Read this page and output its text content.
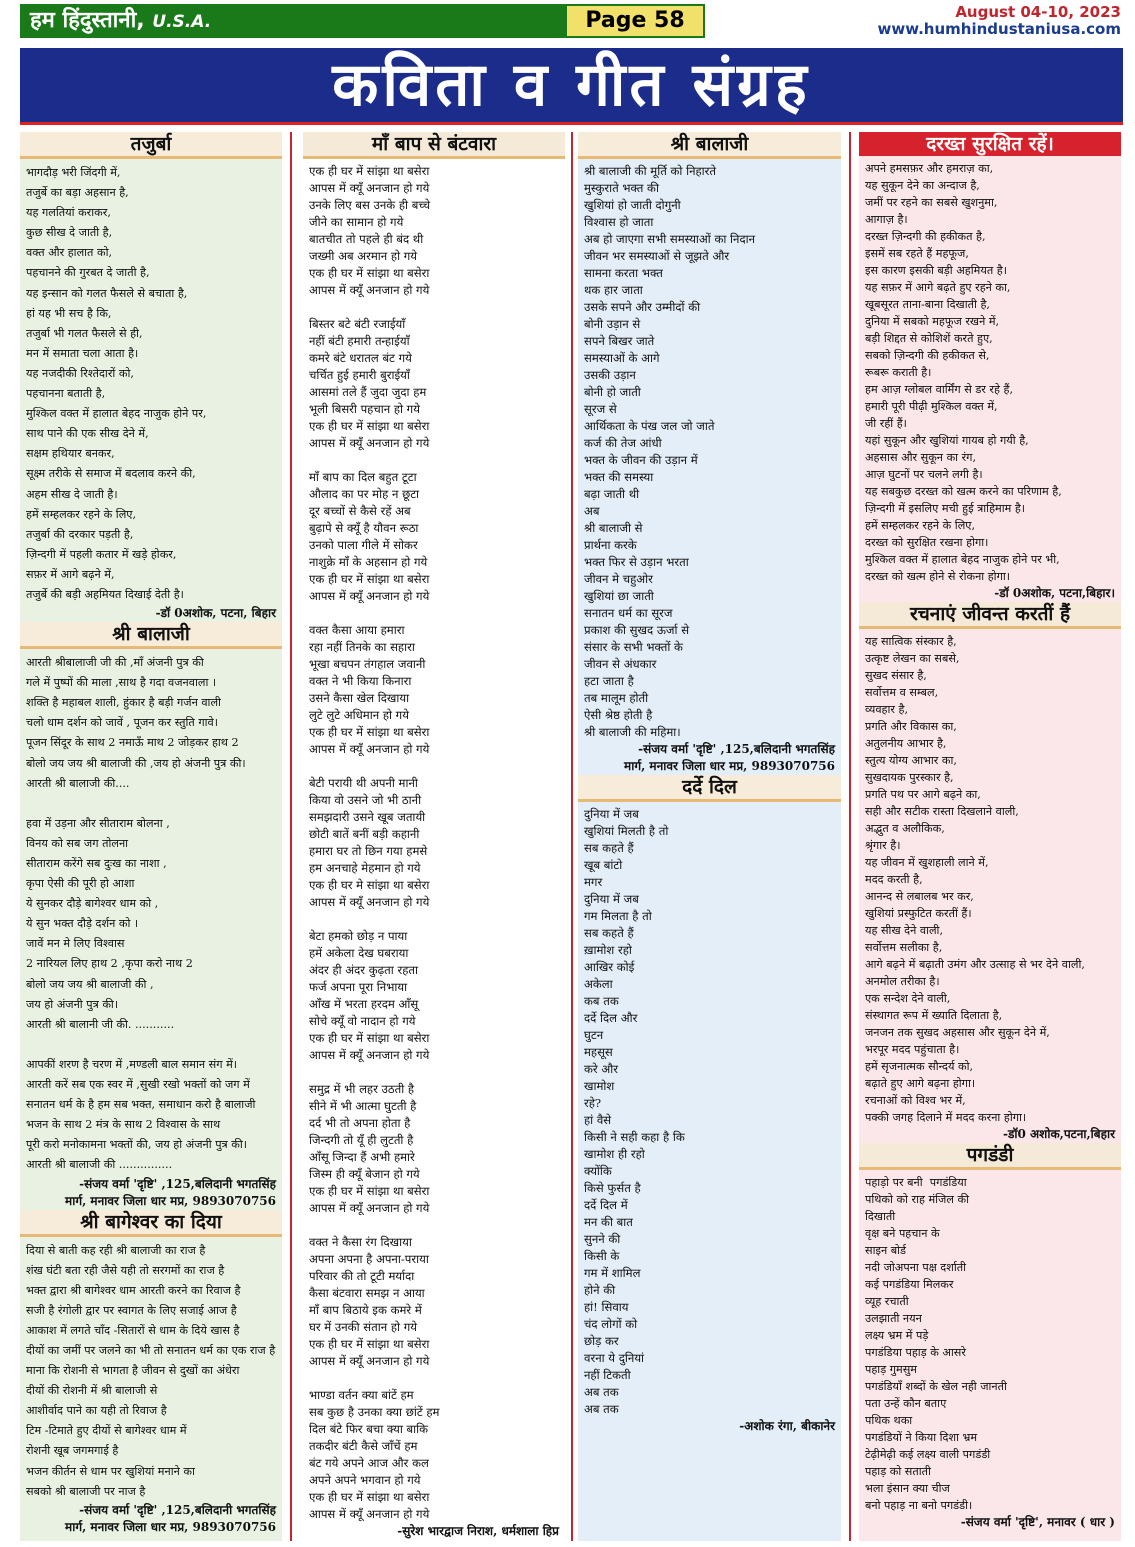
हम हिंदुस्तानी, U.S.A.	Page 58	August 04-10, 2023
www.humhindustaniusa.com
कविता व गीत संग्रह
तजुर्बा
भागदौड़ भरी जिंदगी में,
तजुर्बे का बड़ा अहसान है,
यह गलतियां कराकर,
कुछ सीख दे जाती है,
वक्त और हालात को,
पहचानने की गुरबत दे जाती है,
यह इन्सान को गलत फैसले से बचाता है,
हां यह भी सच है कि,
तजुर्बा भी गलत फैसले से ही,
मन में समाता चला आता है।
यह नजदीकी रिश्तेदारों को,
पहचानना बताती है,
मुश्किल वक्त में हालात बेहद नाजुक होने पर,
साथ पाने की एक सीख देने में,
सक्षम हथियार बनकर,
सूक्ष्म तरीके से समाज में बदलाव करने की,
अहम सीख दे जाती है।
हमें सम्हलकर रहने के लिए,
तजुर्बा की दरकार पड़ती है,
ज़िन्दगी में पहली कतार में खड़े होकर,
सफ़र में आगे बढ़ने में,
तजुर्बे की बड़ी अहमियत दिखाई देती है।
-डॉ 0अशोक, पटना, बिहार
श्री बालाजी
आरती श्रीबालाजी जी की ,माँ अंजनी पुत्र की
गले में पुष्पों की माला ,साथ है गदा वजनवाला ।
शक्ति है महाबल शाली, हुंकार है बड़ी गर्जन वाली
चलो धाम दर्शन को जावें , पूजन कर स्तुति गावे।
पूजन सिंदूर के साथ 2 नमाऊँ माथ 2 जोड़कर हाथ 2
बोलो जय जय श्री बालाजी की ,जय हो अंजनी पुत्र की।
आरती श्री बालाजी की....

हवा में उड़ना और सीताराम बोलना ,
विनय को सब जग तोलना
सीताराम करेंगे सब दुःख का नाशा ,
कृपा ऐसी की पूरी हो आशा
ये सुनकर दौड़े बागेश्वर धाम को ,
ये सुन भक्त दौड़े दर्शन को ।
जावें मन मे लिए विश्वास
2 नारियल लिए हाथ 2 ,कृपा करो नाथ 2
बोलो जय जय श्री बालाजी की ,
जय हो अंजनी पुत्र की।
आरती श्री बालानी जी की. ...........

आपकीं शरण है चरण में ,मण्डली बाल समान संग में।
आरती करें सब एक स्वर में ,सुखी रखो भक्तों को जग में
सनातन धर्म के है हम सब भक्त, समाधान करो है बालाजी
भजन के साथ 2 मंत्र के साथ 2 विश्वास के साथ
पूरी करो मनोकामना भक्तों की, जय हो अंजनी पुत्र की।
आरती श्री बालाजी की ...............
-संजय वर्मा 'दृष्टि' ,125,बलिदानी भगतसिंह
मार्ग, मनावर जिला धार मप्र, 9893070756
श्री बागेश्वर का दिया
दिया से बाती कह रही श्री बालाजी का राज है
शंख घंटी बता रही जैसे यही तो सरगमों का राज है
भक्त द्वारा श्री बागेश्वर धाम आरती करने का रिवाज है
सजी है रंगोली द्वार पर स्वागत के लिए सजाई आज है
आकाश में लगते चाँद -सितारों से धाम के दिये खास है
दीयों का जमीं पर जलने का भी तो सनातन धर्म का एक राज है
माना कि रोशनी से भागता है जीवन से दुखों का अंधेरा
दीयों की रोशनी में श्री बालाजी से
आशीर्वाद पाने का यही तो रिवाज है
टिम -टिमाते हुए दीयों से बागेश्वर धाम में
रोशनी खूब जगमगाई है
भजन कीर्तन से धाम पर खुशियां मनाने का
सबको श्री बालाजी पर नाज है
-संजय वर्मा 'दृष्टि' ,125,बलिदानी भगतसिंह
मार्ग, मनावर जिला धार मप्र, 9893070756
माँ बाप से बंटवारा
एक ही घर में सांझा था बसेरा
आपस में क्यूँ अनजान हो गये
उनके लिए बस उनके ही बच्चे
जीने का सामान हो गये
बातचीत तो पहले ही बंद थी
जख्मी अब अरमान हो गये
एक ही घर में सांझा था बसेरा
आपस में क्यूँ अनजान हो गये

बिस्तर बटे बंटी रजाईयाँ
नहीं बंटी हमारी तन्हाईयाँ
कमरे बंटे धरातल बंट गये
चर्चित हुई हमारी बुराईयाँ
आसमां तले हैं जुदा जुदा हम
भूली बिसरी पहचान हो गये
एक ही घर में सांझा था बसेरा
आपस में क्यूँ अनजान हो गये

माँ बाप का दिल बहुत टूटा
औलाद का पर मोह न छूटा
दूर बच्चों से कैसे रहें अब
बुढ़ापे से क्यूँ है यौवन रूठा
उनको पाला गीले में सोकर
नाशुक्रे माँ के अहसान हो गये
एक ही घर में सांझा था बसेरा
आपस में क्यूँ अनजान हो गये

वक्त कैसा आया हमारा
रहा नहीं तिनके का सहारा
भूखा बचपन तंगहाल जवानी
वक्त ने भी किया किनारा
उसने कैसा खेल दिखाया
लुटे लुटे अधिमान हो गये
एक ही घर में सांझा था बसेरा
आपस में क्यूँ अनजान हो गये

बेटी परायी थी अपनी मानी
किया वो उसने जो भी ठानी
समझदारी उसने खूब जतायी
छोटी बातें बनीं बड़ी कहानी
हमारा घर तो छिन गया हमसे
हम अनचाहे मेहमान हो गये
एक ही घर मे सांझा था बसेरा
आपस में क्यूँ अनजान हो गये

बेटा हमको छोड़ न पाया
हमें अकेला देख घबराया
अंदर ही अंदर कुढ़ता रहता
फर्ज अपना पूरा निभाया
आँख में भरता हरदम आँसू
सोचे क्यूँ वो नादान हो गये
एक ही घर में सांझा था बसेरा
आपस में क्यूँ अनजान हो गये

समुद्र में भी लहर उठती है
सीने में भी आत्मा घुटती है
दर्द भी तो अपना होता है
जिन्दगी तो यूँ ही लुटती है
आँसू जिन्दा हैं अभी हमारे
जिस्म ही क्यूँ बेजान हो गये
एक ही घर में सांझा था बसेरा
आपस में क्यूँ अनजान हो गये

वक्त ने कैसा रंग दिखाया
अपना अपना है अपना-पराया
परिवार की तो टूटी मर्यादा
कैसा बंटवारा समझ न आया
माँ बाप बिठाये इक कमरे में
घर में उनकी संतान हो गये
एक ही घर में सांझा था बसेरा
आपस में क्यूँ अनजान हो गये

भाण्डा वर्तन क्या बांटें हम
सब कुछ है उनका क्या छांटें हम
दिल बंटे फिर बचा क्या बाकि
तकदीर बंटी कैसे जाँचें हम
बंट गये अपने आज और कल
अपने अपने भगवान हो गये
एक ही घर में सांझा था बसेरा
आपस में क्यूँ अनजान हो गये
-सुरेश भारद्वाज निराश, धर्मशाला हिप्र
श्री बालाजी
श्री बालाजी की मूर्ति को निहारते
मुस्कुराते भक्त की
खुशियां हो जाती दोगुनी
विश्वास हो जाता
अब हो जाएगा सभी समस्याओं का निदान
जीवन भर समस्याओं से जूझते और
सामना करता भक्त
थक हार जाता
उसके सपने और उम्मीदों की
बोनी उड़ान से
सपने बिखर जाते
समस्याओं के आगे
उसकी उड़ान
बोनी हो जाती
सूरज से
आर्थिकता के पंख जल जो जाते
कर्ज की तेज आंधी
भक्त के जीवन की उड़ान में
भक्त की समस्या
बढ़ा जाती थी
अब
श्री बालाजी से
प्रार्थना करके
भक्त फिर से उड़ान भरता
जीवन मे चहुओर
खुशियां छा जाती
सनातन धर्म का सूरज
प्रकाश की सुखद ऊर्जा से
संसार के सभी भक्तों के
जीवन से अंधकार
हटा जाता है
तब मालूम होती
ऐसी श्रेष्ठ होती है
श्री बालाजी की महिमा।
-संजय वर्मा 'दृष्टि' ,125,बलिदानी भगतसिंह
मार्ग, मनावर जिला धार मप्र, 9893070756
दर्दे दिल
दुनिया में जब
खुशियां मिलती है तो
सब कहते हैं
खूब बांटो
मगर
दुनिया में जब
गम मिलता है तो
सब कहते हैं
ख़ामोश रहो
आखिर कोई
अकेला
कब तक
दर्दे दिल और
घुटन
महसूस
करे और
खामोश
रहे?
हां वैसे
किसी ने सही कहा है कि
खामोश ही रहो
क्योंकि
किसे फुर्सत है
दर्दे दिल में
मन की बात
सुनने की
किसी के
गम में शामिल
होने की
हां! सिवाय
चंद लोगों को
छोड़ कर
वरना ये दुनियां
नहीं टिकती
अब तक
अब तक
-अशोक रंगा, बीकानेर
दरख्त सुरक्षित रहें।
अपने हमसफ़र और हमराज़ का,
यह सुकून देने का अन्दाज है,
जमीं पर रहने का सबसे खुशनुमा,
आगाज़ है।
दरख्त ज़िन्दगी की हकीकत है,
इसमें सब रहते हैं महफूज,
इस कारण इसकी बड़ी अहमियत है।
यह सफ़र में आगे बढ़ते हुए रहने का,
खूबसूरत ताना-बाना दिखाती है,
दुनिया में सबको महफूज रखने में,
बड़ी शिद्दत से कोशिशें करते हुए,
सबको ज़िन्दगी की हकीकत से,
रूबरू कराती है।
हम आज़ ग्लोबल वार्मिंग से डर रहे हैं,
हमारी पूरी पीढ़ी मुश्किल वक्त में,
जी रहीं हैं।
यहां सुकून और खुशियां गायब हो गयी है,
अहसास और सुकून का रंग,
आज़ घुटनों पर चलने लगी है।
यह सबकुछ दरख्त को खत्म करने का परिणाम है,
ज़िन्दगी में इसलिए मची हुई त्राहिमाम है।
हमें सम्हलकर रहने के लिए,
दरख्त को सुरक्षित रखना होगा।
मुश्किल वक्त में हालात बेहद नाजुक होने पर भी,
दरख्त को खत्म होने से रोकना होगा।
-डॉ 0अशोक, पटना,बिहार।
रचनाएं जीवन्त करतीं हैं
यह सात्विक संस्कार है,
उत्कृष्ट लेखन का सबसे,
सुखद संसार है,
सर्वोत्तम व सम्बल,
व्यवहार है,
प्रगति और विकास का,
अतुलनीय आभार है,
स्तुत्य योग्य आभार का,
सुखदायक पुरस्कार है,
प्रगति पथ पर आगे बढ़ने का,
सही और सटीक रास्ता दिखलाने वाली,
अद्भुत व अलौकिक,
श्रृंगार है।
यह जीवन में खुशहाली लाने में,
मदद करती है,
आनन्द से लबालब भर कर,
खुशियां प्रस्फुटित करतीं हैं।
यह सीख देने वाली,
सर्वोत्तम सलीका है,
आगे बढ़ने में बढ़ाती उमंग और उत्साह से भर देने वाली,
अनमोल तरीका है।
एक सन्देश देने वाली,
संस्थागत रूप में ख्याति दिलाता है,
जनजन तक सुखद अहसास और सुकून देने में,
भरपूर मदद पहुंचाता है।
हमें सृजनात्मक सौन्दर्य को,
बढ़ाते हुए आगे बढ़ना होगा।
रचनाओं को विश्व भर में,
पक्की जगह दिलाने में मदद करना होगा।
-डॉ0 अशोक,पटना,बिहार
पगडंडी
पहाड़ो पर बनी  पगडंडिया
पथिको को राह मंजिल की
दिखाती
वृक्ष बने पहचान के
साइन बोर्ड
नदी जोअपना पक्ष दर्शाती
कई पगडंडिया मिलकर
व्यूह रचाती
उलझाती नयन
लक्ष्य भ्रम में पड़े
पगडंडिया पहाड़ के आसरे
पहाड़ गुमसुम
पगडंडियाँ शब्दों के खेल नही जानती
पता उन्हें कौन बताए
पथिक थका
पगडंडियों ने किया दिशा भ्रम
टेढ़ीमेढ़ी कई लक्ष्य वाली पगडंडी
पहाड़ को सताती
भला इंसान क्या चीज
बनो पहाड़ ना बनो पगडंडी।
-संजय वर्मा 'दृष्टि', मनावर ( धार )
